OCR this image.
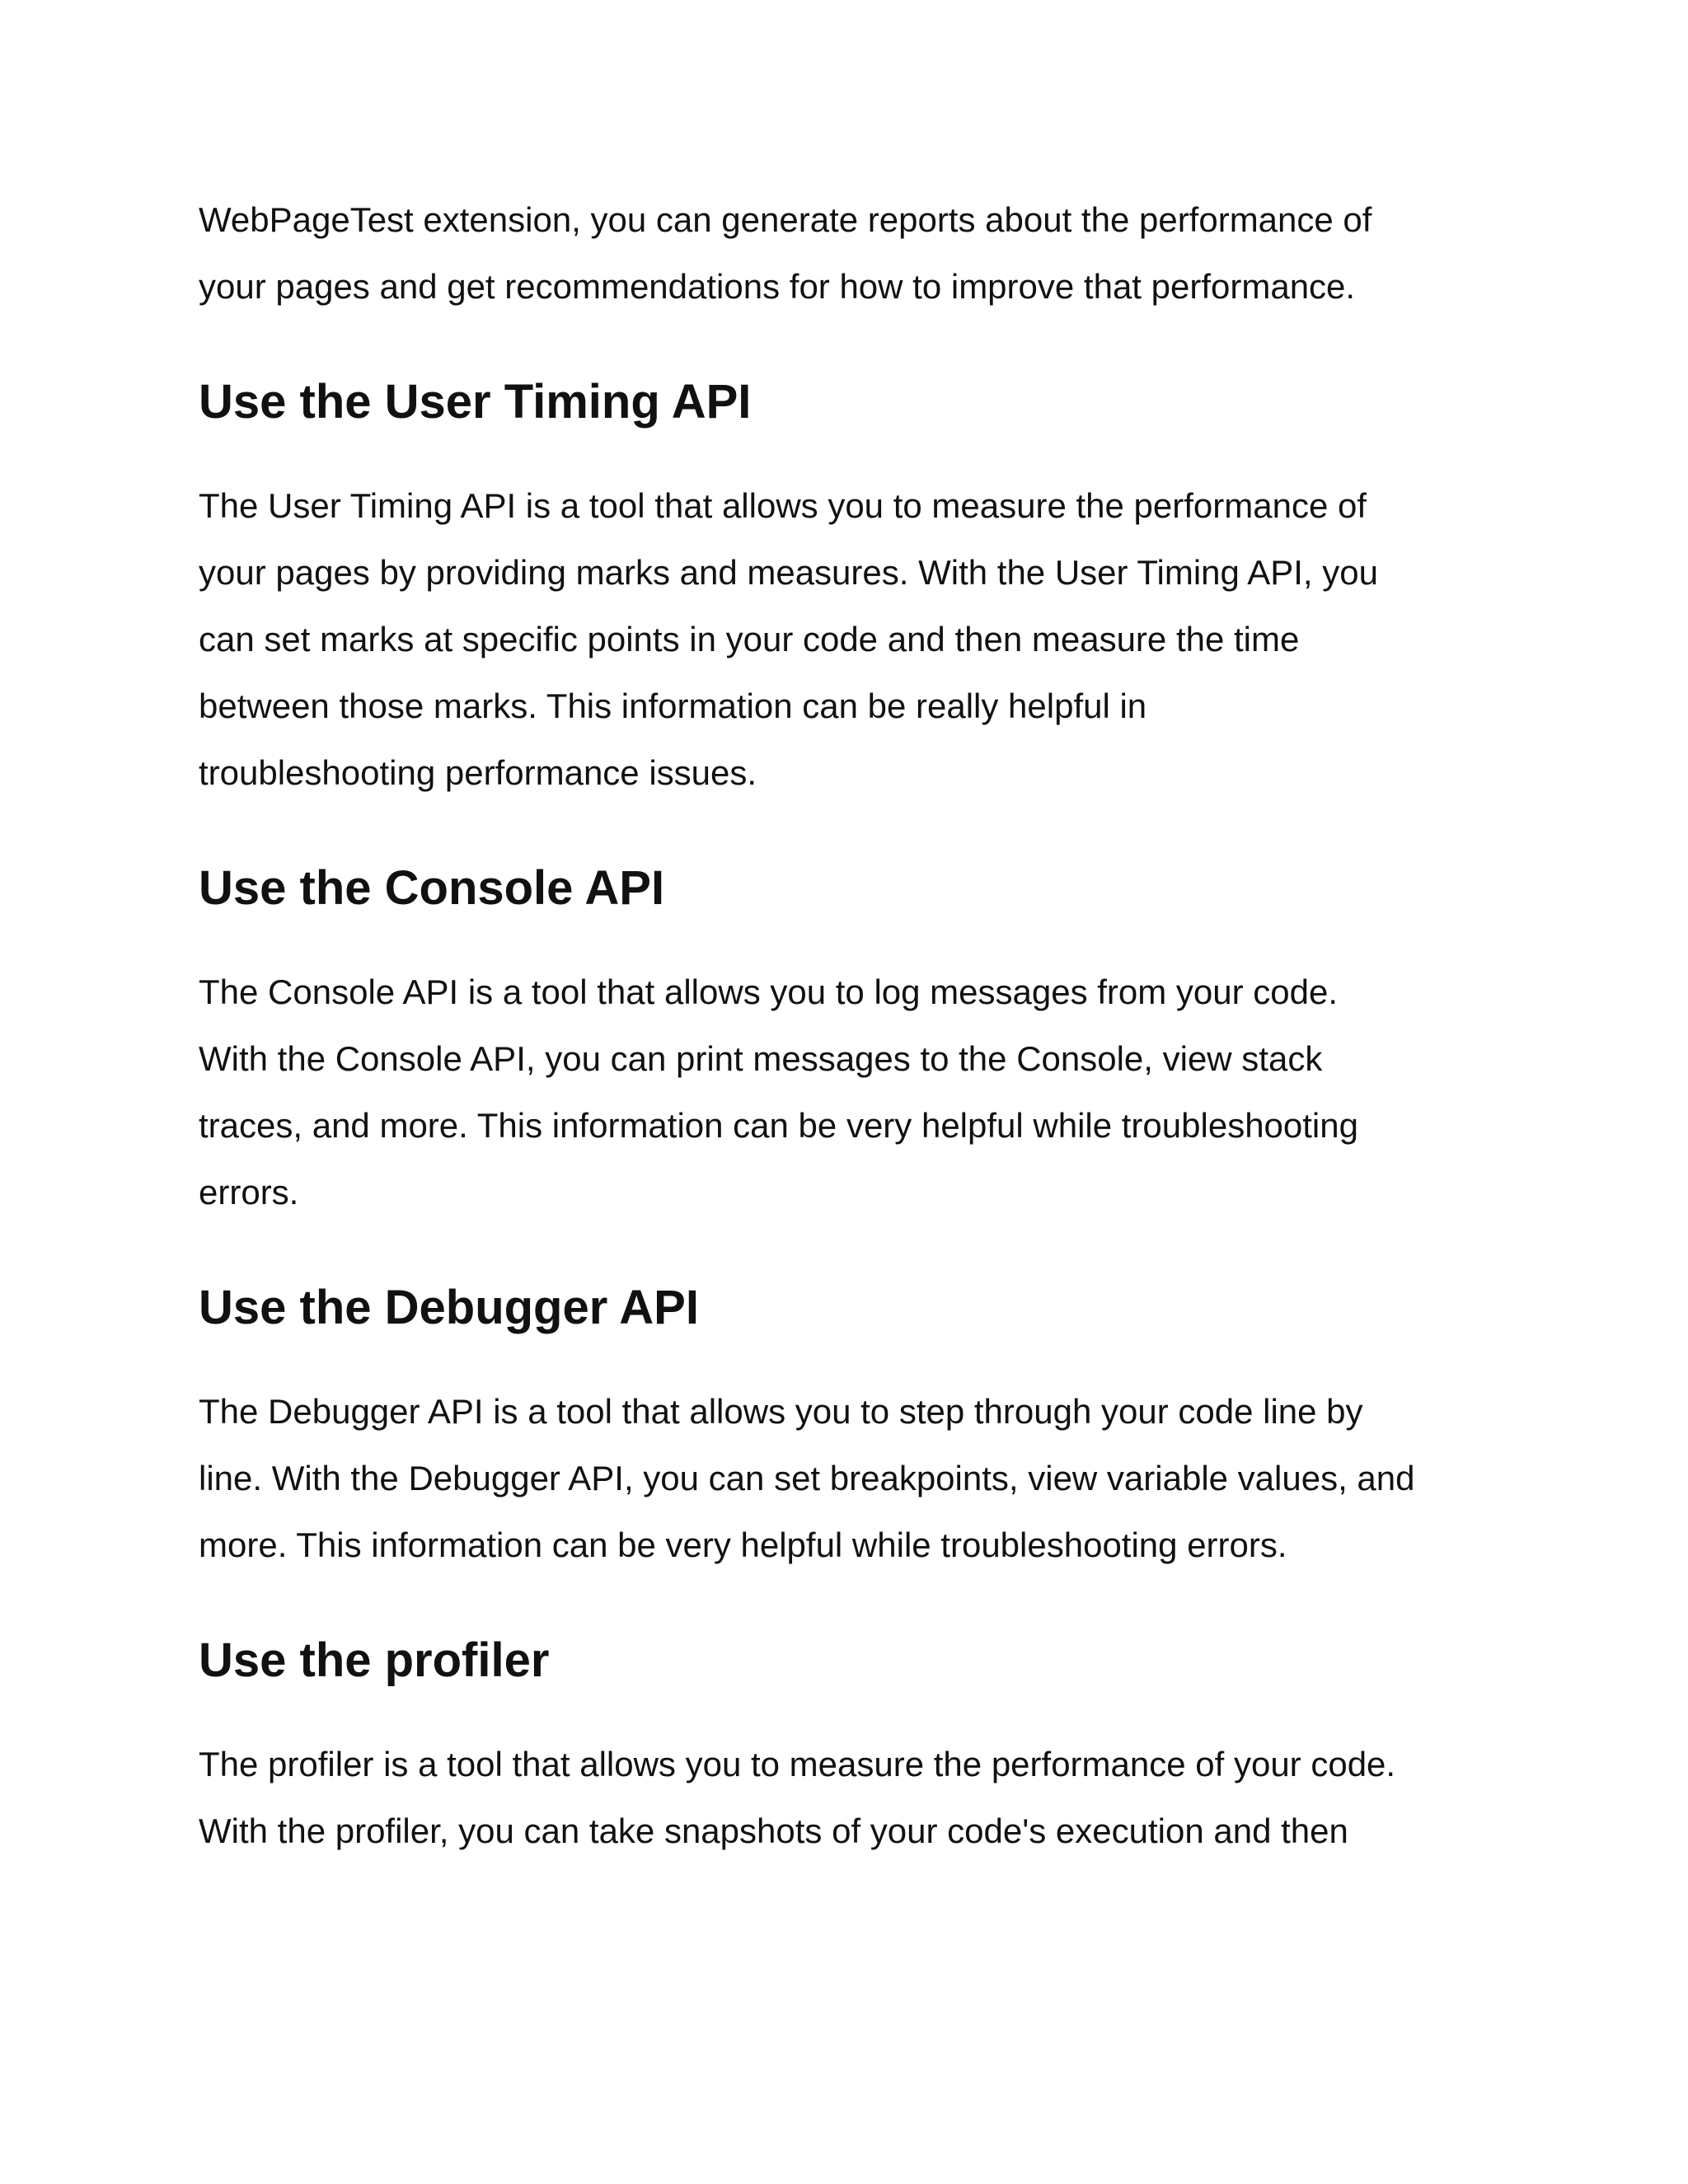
WebPageTest extension, you can generate reports about the performance of
your pages and get recommendations for how to improve that performance.

Use the User Timing API

The User Timing API is a tool that allows you to measure the performance of
your pages by providing marks and measures. With the User Timing API, you
can set marks at specific points in your code and then measure the time
between those marks. This information can be really helpful in
troubleshooting performance issues.

Use the Console API

The Console API is a tool that allows you to log messages from your code.
With the Console API, you can print messages to the Console, view stack
traces, and more. This information can be very helpful while troubleshooting
errors.

Use the Debugger API

The Debugger API is a tool that allows you to step through your code line by
line. With the Debugger API, you can set breakpoints, view variable values, and
more. This information can be very helpful while troubleshooting errors.

Use the profiler

The profiler is a tool that allows you to measure the performance of your code.
With the profiler, you can take snapshots of your code's execution and then
